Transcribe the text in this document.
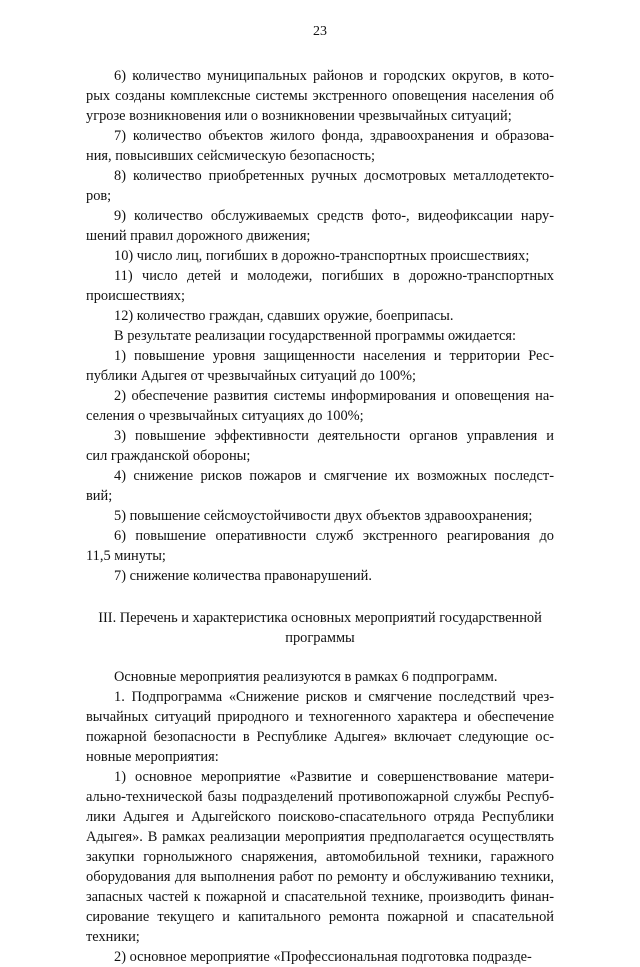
23
6) количество муниципальных районов и городских округов, в кото-
рых созданы комплексные системы экстренного оповещения населения об
угрозе возникновения или о возникновении чрезвычайных ситуаций;
7) количество объектов жилого фонда, здравоохранения и образова-
ния, повысивших сейсмическую безопасность;
8) количество приобретенных ручных досмотровых металлодетекто-
ров;
9) количество обслуживаемых средств фото-, видеофиксации нару-
шений правил дорожного движения;
10) число лиц, погибших в дорожно-транспортных происшествиях;
11) число детей и молодежи, погибших в дорожно-транспортных
происшествиях;
12) количество граждан, сдавших оружие, боеприпасы.
В результате реализации государственной программы ожидается:
1) повышение уровня защищенности населения и территории Рес-
публики Адыгея от чрезвычайных ситуаций до 100%;
2) обеспечение развития системы информирования и оповещения на-
селения о чрезвычайных ситуациях до 100%;
3) повышение эффективности деятельности органов управления и
сил гражданской обороны;
4) снижение рисков пожаров и смягчение их возможных последст-
вий;
5) повышение сейсмоустойчивости двух объектов здравоохранения;
6) повышение оперативности служб экстренного реагирования до
11,5 минуты;
7) снижение количества правонарушений.
III. Перечень и характеристика основных мероприятий государственной
программы
Основные мероприятия реализуются в рамках 6 подпрограмм.
1. Подпрограмма «Снижение рисков и смягчение последствий чрез-
вычайных ситуаций природного и техногенного характера и обеспечение
пожарной безопасности в Республике Адыгея» включает следующие ос-
новные мероприятия:
1) основное мероприятие «Развитие и совершенствование матери-
ально-технической базы подразделений противопожарной службы Респуб-
лики Адыгея и Адыгейского поисково-спасательного отряда Республики
Адыгея». В рамках реализации мероприятия предполагается осуществлять
закупки горнолыжного снаряжения, автомобильной техники, гаражного
оборудования для выполнения работ по ремонту и обслуживанию техники,
запасных частей к пожарной и спасательной технике, производить финан-
сирование текущего и капитального ремонта пожарной и спасательной
техники;
2) основное мероприятие «Профессиональная подготовка подразде-
